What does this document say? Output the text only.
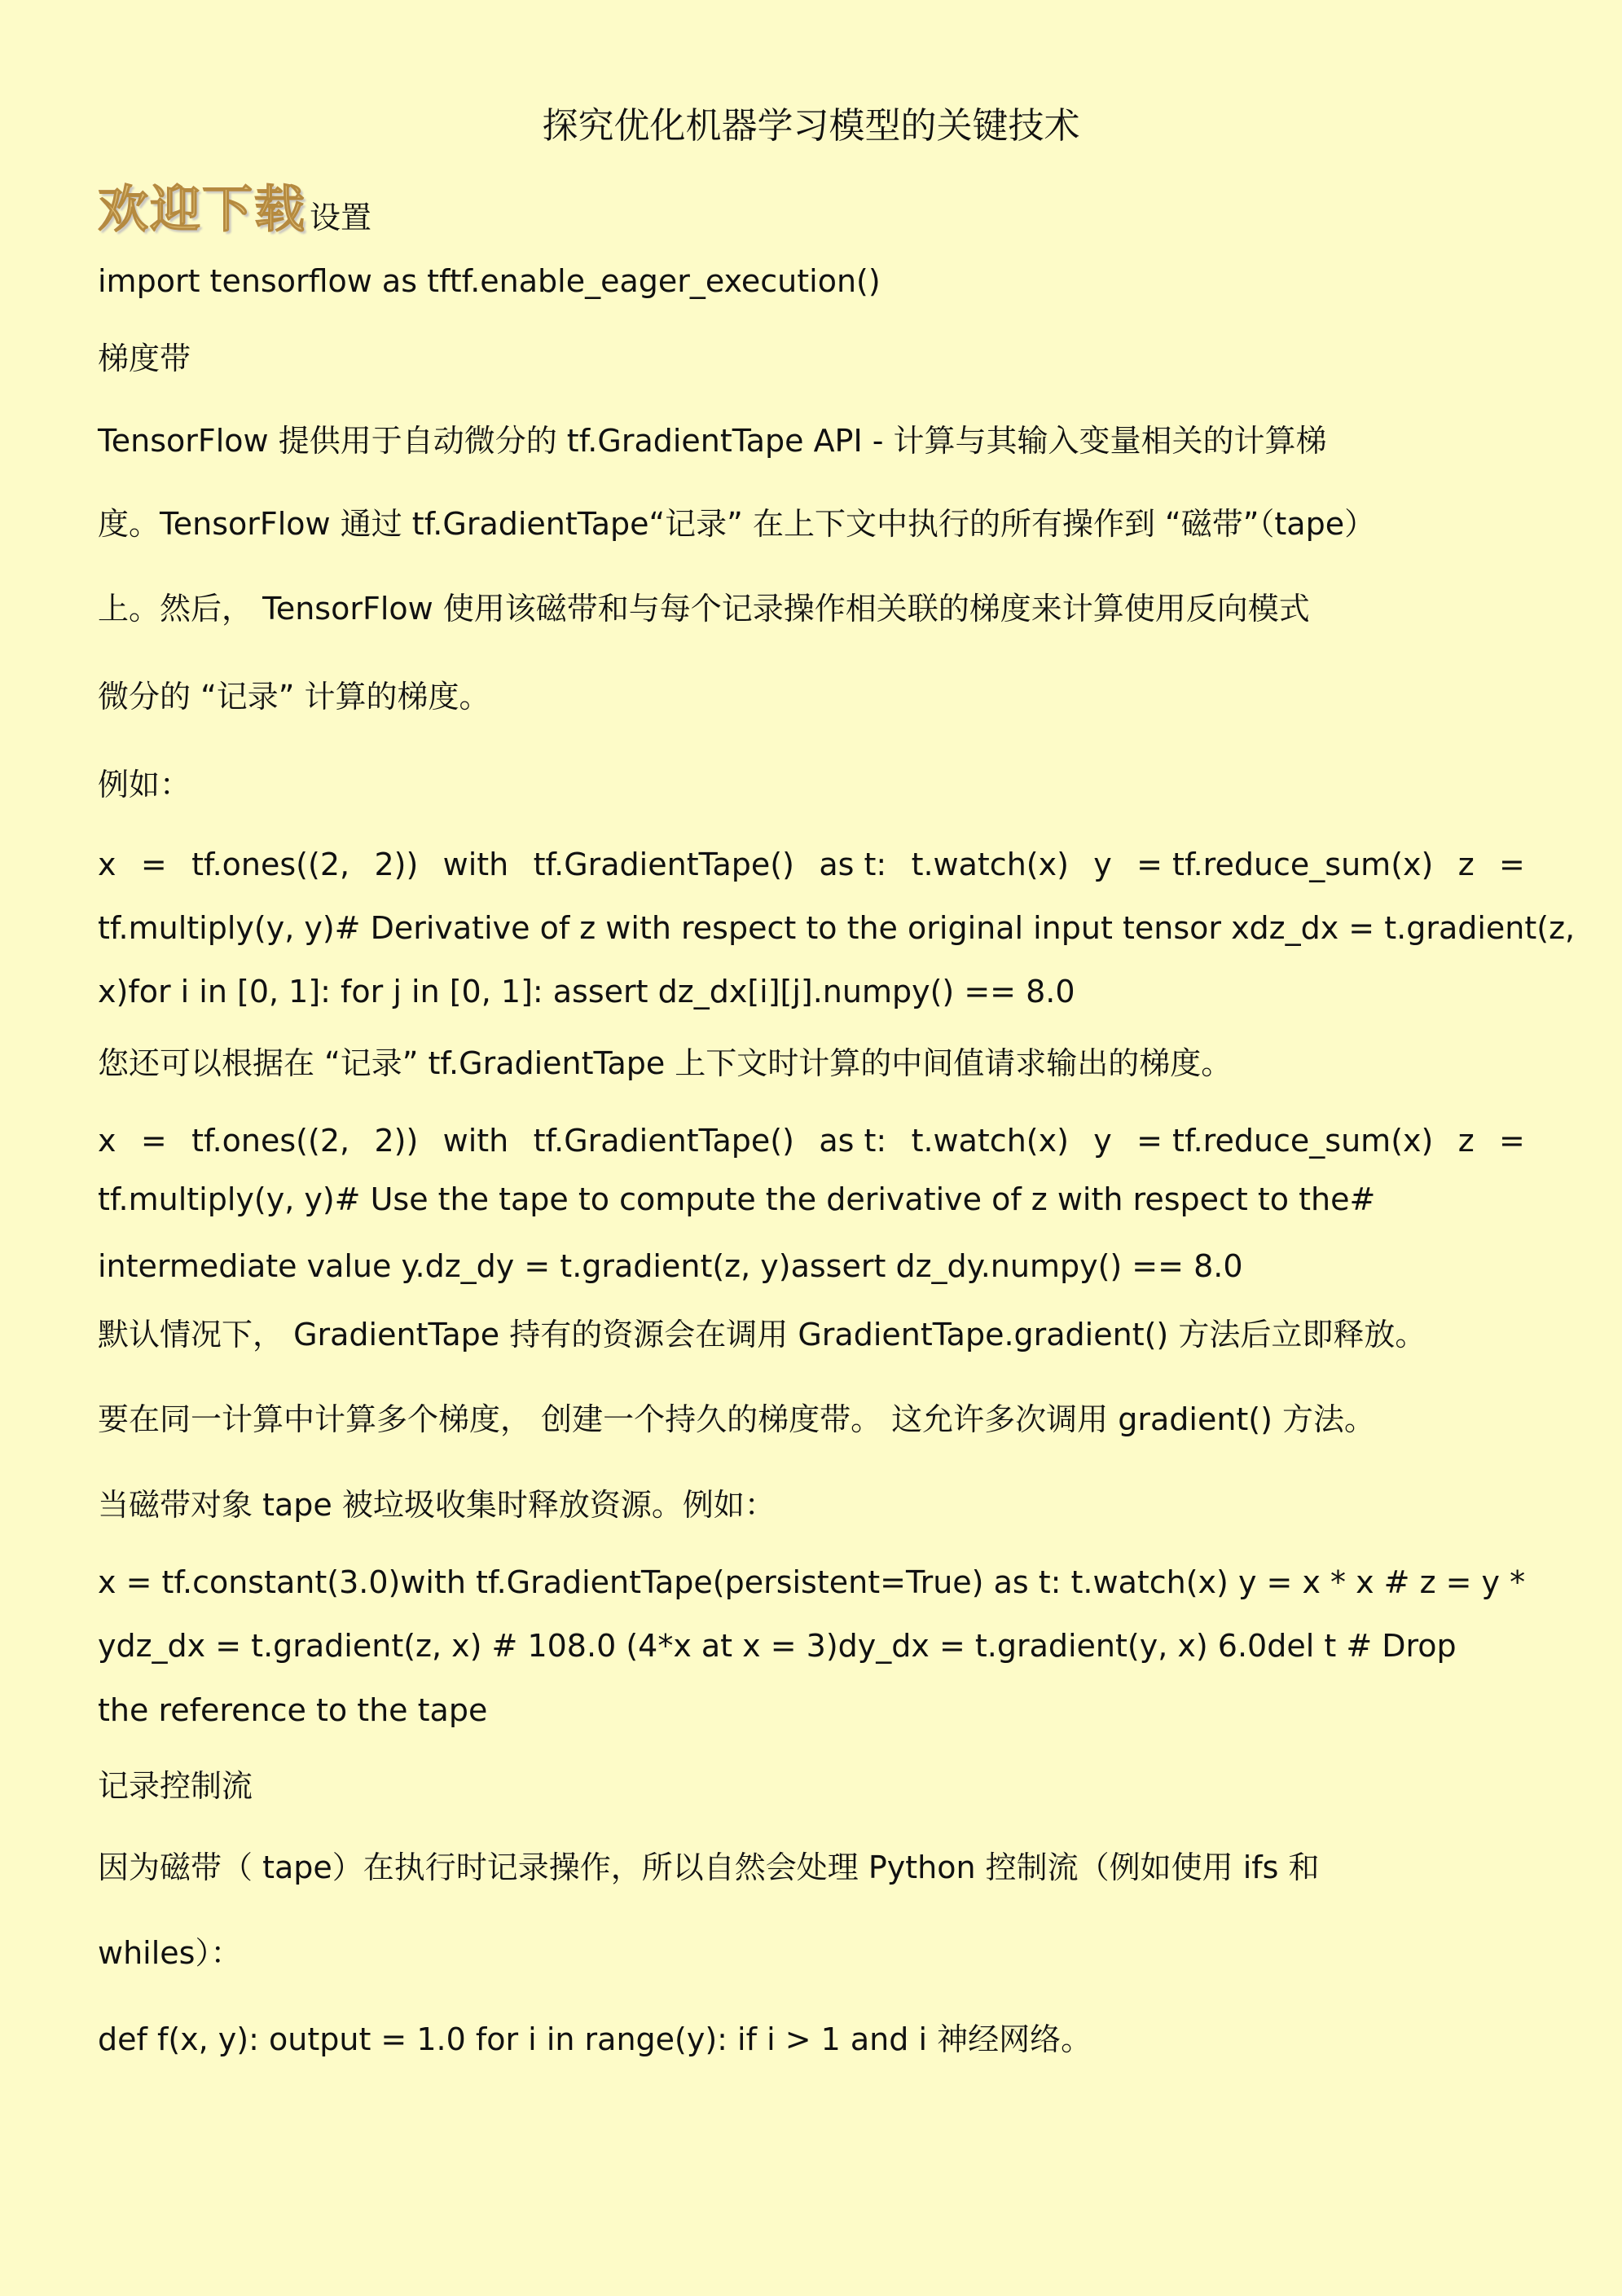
探究优化机器学习模型的关键技术
欢迎下载 设置
import tensorflow as tftf.enable_eager_execution()
梯度带
TensorFlow 提供用于自动微分的 tf.GradientTape API - 计算与其输入变量相关的计算梯
度。TensorFlow 通过 tf.GradientTape“记录” 在上下文中执行的所有操作到 “磁带”（tape）
上。然后， TensorFlow 使用该磁带和与每个记录操作相关联的梯度来计算使用反向模式
微分的 “记录” 计算的梯度。
例如：
x = tf.ones((2, 2)) with tf.GradientTape() as t: t.watch(x) y = tf.reduce_sum(x) z =
tf.multiply(y, y)# Derivative of z with respect to the original input tensor xdz_dx = t.gradient(z,
x)for i in [0, 1]: for j in [0, 1]: assert dz_dx[i][j].numpy() == 8.0
您还可以根据在 “记录” tf.GradientTape 上下文时计算的中间值请求输出的梯度。
x = tf.ones((2, 2)) with tf.GradientTape() as t: t.watch(x) y = tf.reduce_sum(x) z =
tf.multiply(y, y)# Use the tape to compute the derivative of z with respect to the#
intermediate value y.dz_dy = t.gradient(z, y)assert dz_dy.numpy() == 8.0
默认情况下， GradientTape 持有的资源会在调用 GradientTape.gradient() 方法后立即释放。
要在同一计算中计算多个梯度， 创建一个持久的梯度带。 这允许多次调用 gradient() 方法。
当磁带对象 tape 被垃圾收集时释放资源。例如：
x = tf.constant(3.0)with tf.GradientTape(persistent=True) as t: t.watch(x) y = x * x # z = y *
ydz_dx = t.gradient(z, x) # 108.0 (4*x at x = 3)dy_dx = t.gradient(y, x) 6.0del t # Drop
the reference to the tape
记录控制流
因为磁带（ tape）在执行时记录操作，所以自然会处理 Python 控制流（例如使用 ifs 和
whiles）：
def f(x, y): output = 1.0 for i in range(y): if i > 1 and i 神经网络。
